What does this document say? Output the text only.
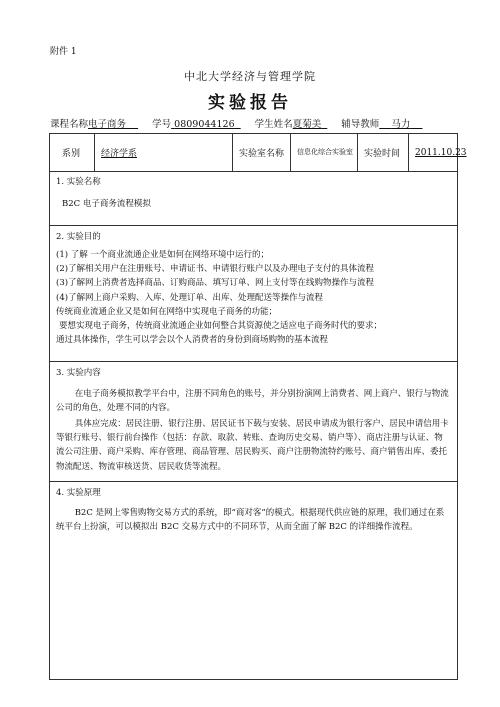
附件 1
中北大学经济与管理学院
实验报告
课程名称电子商务	学号 0809044126 学生姓名夏菊美 辅导教师 马力
系别 经济学系	实验室名称 信息化综合实验室 实验时间 2011.10.23
1. 实验名称
B2C 电子商务流程模拟
2. 实验目的
(1) 了解 一个商业流通企业是如何在网络环境中运行的；
(2)了解相关用户在注册账号、申请证书、申请银行账户以及办理电子支付的具体流程
(3)了解网上消费者选择商品、订购商品、填写订单、网上支付等在线购物操作与流程
(4)了解网上商户采购、入库、处理订单、出库、处理配送等操作与流程
传统商业流通企业又是如何在网络中实现电子商务的功能；
要想实现电子商务，传统商业流通企业如何整合其资源使之适应电子商务时代的要求；
通过具体操作，学生可以学会以个人消费者的身份到商场购物的基本流程
3. 实验内容
在电子商务模拟教学平台中，注册不同角色的账号，并分别扮演网上消费者、网上商户、银行与物流公司的角色，处理不同的内容。
具体应完成：居民注册、银行注册、居民证书下载与安装、居民申请成为银行客户、居民申请信用卡等银行账号、银行前台操作（包括：存款、取款、转账、查询历史交易、销户等）、商店注册与认证、物流公司注册、商户采购、库存管理、商品管理、居民购买、商户注册物流特约账号、商户销售出库、委托物流配送、物流审核送货、居民收货等流程。
4. 实验原理
B2C 是网上零售购物交易方式的系统，即“商对客”的模式。根据现代供应链的原理，我们通过在系统平台上扮演，可以模拟出 B2C 交易方式中的不同环节，从而全面了解 B2C 的详细操作流程。
